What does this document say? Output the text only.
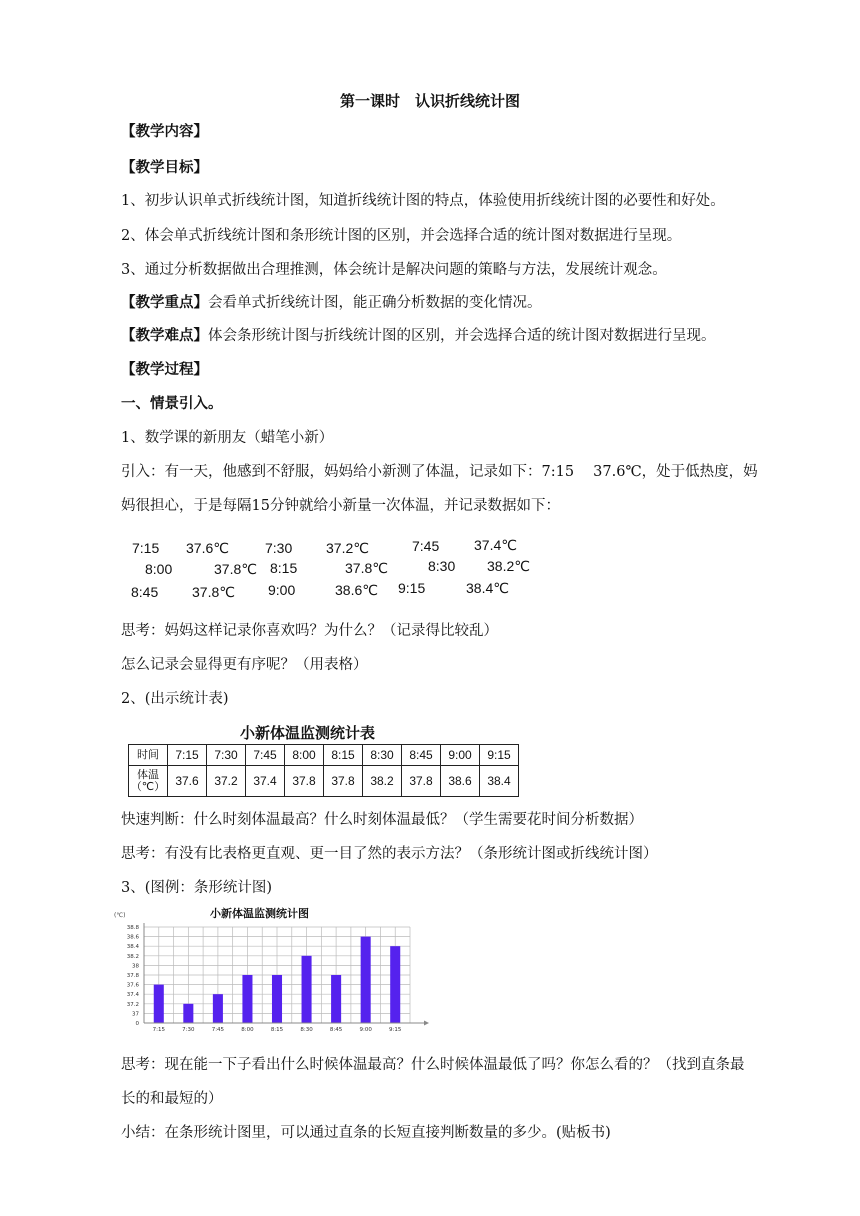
第一课时　认识折线统计图
【教学内容】
【教学目标】
1、初步认识单式折线统计图，知道折线统计图的特点，体验使用折线统计图的必要性和好处。
2、体会单式折线统计图和条形统计图的区别，并会选择合适的统计图对数据进行呈现。
3、通过分析数据做出合理推测，体会统计是解决问题的策略与方法，发展统计观念。
【教学重点】会看单式折线统计图，能正确分析数据的变化情况。
【教学难点】体会条形统计图与折线统计图的区别，并会选择合适的统计图对数据进行呈现。
【教学过程】
一、情景引入。
1、数学课的新朋友（蜡笔小新）
引入：有一天，他感到不舒服，妈妈给小新测了体温，记录如下：7:15　 37.6℃，处于低热度，妈
妈很担心，于是每隔15分钟就给小新量一次体温，并记录数据如下：
7:15 37.6℃	7:30 37.2℃	7:45 37.4℃
8:00	37.8℃ 8:15	37.8℃	8:30 38.2℃
8:45 37.8℃ 9:00	38.6℃ 9:15	38.4℃
思考：妈妈这样记录你喜欢吗？为什么？（记录得比较乱）
怎么记录会显得更有序呢？（用表格）
2、(出示统计表)
小新体温监测统计表
时间	7:15	7:30	7:45	8:00	8:15	8:30	8:45	9:00	9:15

体温
（℃）	37.6	37.2	37.4	37.8	37.8	38.2	37.8	38.6	38.4
快速判断：什么时刻体温最高？什么时刻体温最低？（学生需要花时间分析数据）
思考：有没有比表格更直观、更一目了然的表示方法？（条形统计图或折线统计图）
3、(图例：条形统计图)
0
37
37.2
37.4
37.6
37.8
38
38.2
38.4
38.6
38.8
7:15	7:30	7:45	8:00	8:15	8:30	8:45	9:00	9:15
小新体温监测统计图
(℃)
思考：现在能一下子看出什么时候体温最高？什么时候体温最低了吗？你怎么看的？（找到直条最
长的和最短的）
小结：在条形统计图里，可以通过直条的长短直接判断数量的多少。(贴板书)
